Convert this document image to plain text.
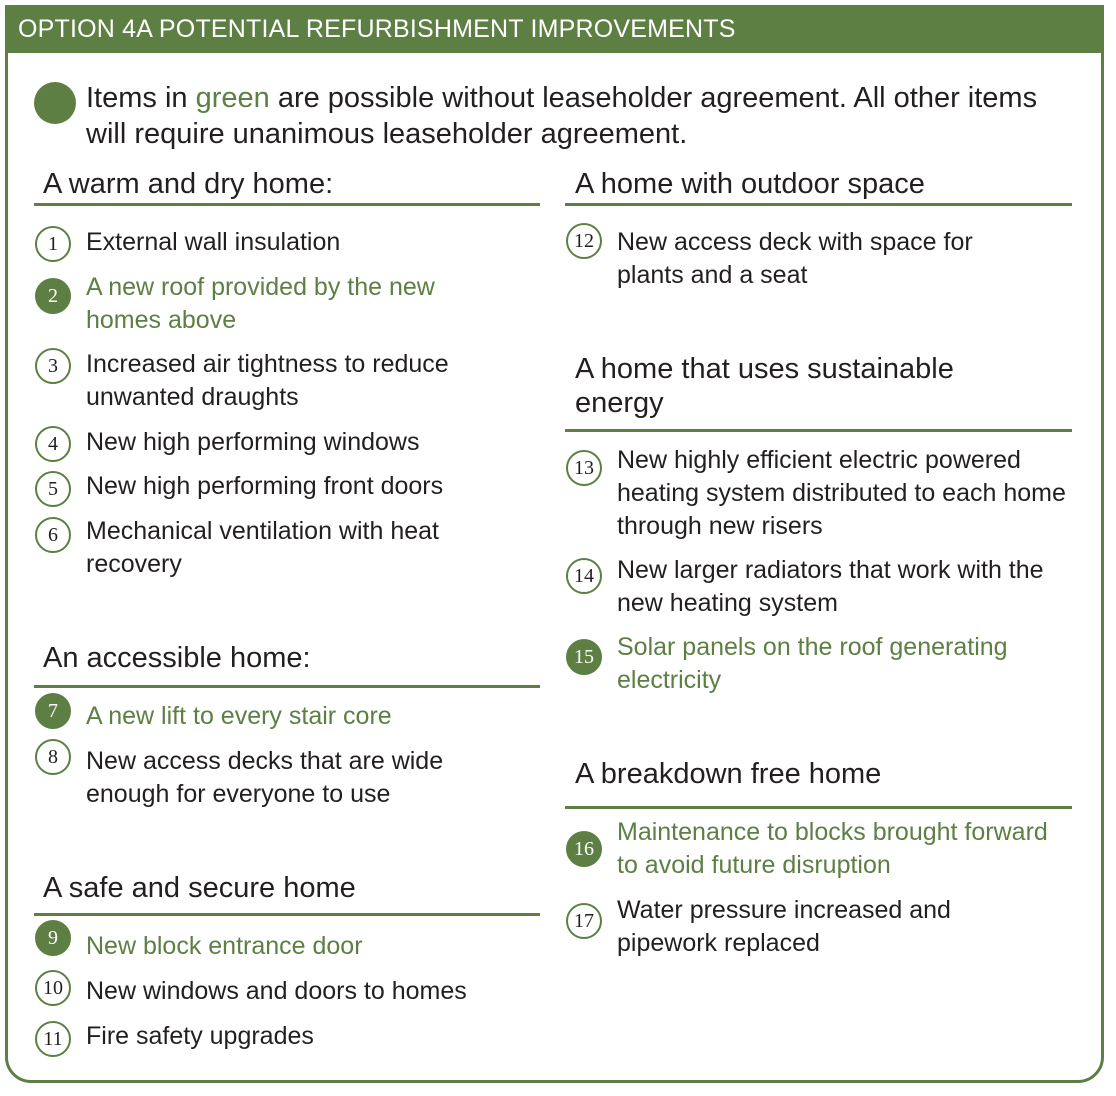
OPTION 4A POTENTIAL REFURBISHMENT IMPROVEMENTS
Items in green are possible without leaseholder agreement. All other items will require unanimous leaseholder agreement.
A warm and dry home:
1	External wall insulation
2	A new roof provided by the new homes above
3	Increased air tightness to reduce unwanted draughts
4	New high performing windows
5	New high performing front doors
6	Mechanical ventilation with heat recovery
An accessible home:
7	A new lift to every stair core
8	New access decks that are wide enough for everyone to use
A safe and secure home
9	New block entrance door
10 New windows and doors to homes
11 Fire safety upgrades
A home with outdoor space
12 New access deck with space for plants and a seat
A home that uses sustainable energy
13 New highly efficient electric powered heating system distributed to each home through new risers
14 New larger radiators that work with the new heating system
15 Solar panels on the roof generating electricity
A breakdown free home
16
Maintenance to blocks brought forward to avoid future disruption
17 Water pressure increased and pipework replaced
